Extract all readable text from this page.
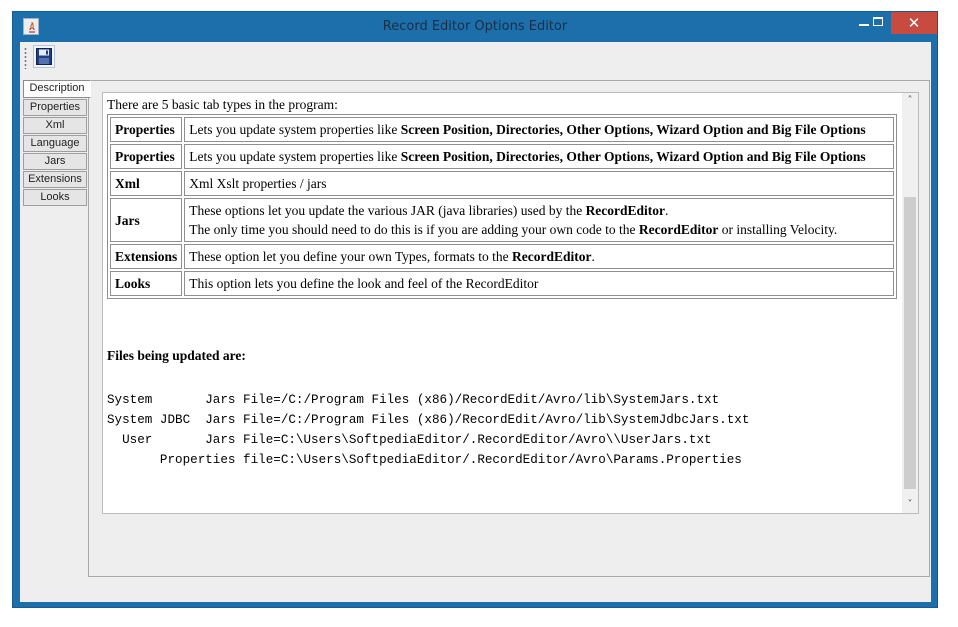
Record Editor Options Editor	✕
Description
Properties
Xml
Language
Jars
Extensions
Looks
There are 5 basic tab types in the program:
Properties	Lets you update system properties like Screen Position, Directories, Other Options, Wizard Option and Big File Options
Properties	Lets you update system properties like Screen Position, Directories, Other Options, Wizard Option and Big File Options
Xml	Xml Xslt properties / jars
Jars	These options let you update the various JAR (java libraries) used by the RecordEditor.
The only time you should need to do this is if you are adding your own code to the RecordEditor or installing Velocity.
Extensions	These option let you define your own Types, formats to the RecordEditor.
Looks	This option lets you define the look and feel of the RecordEditor
Files being updated are:
System       Jars File=/C:/Program Files (x86)/RecordEdit/Avro/lib\SystemJars.txt
System JDBC  Jars File=/C:/Program Files (x86)/RecordEdit/Avro/lib\SystemJdbcJars.txt
User       Jars File=C:\Users\SoftpediaEditor/.RecordEditor/Avro\\UserJars.txt
Properties file=C:\Users\SoftpediaEditor/.RecordEditor/Avro\Params.Properties
˄
˅
